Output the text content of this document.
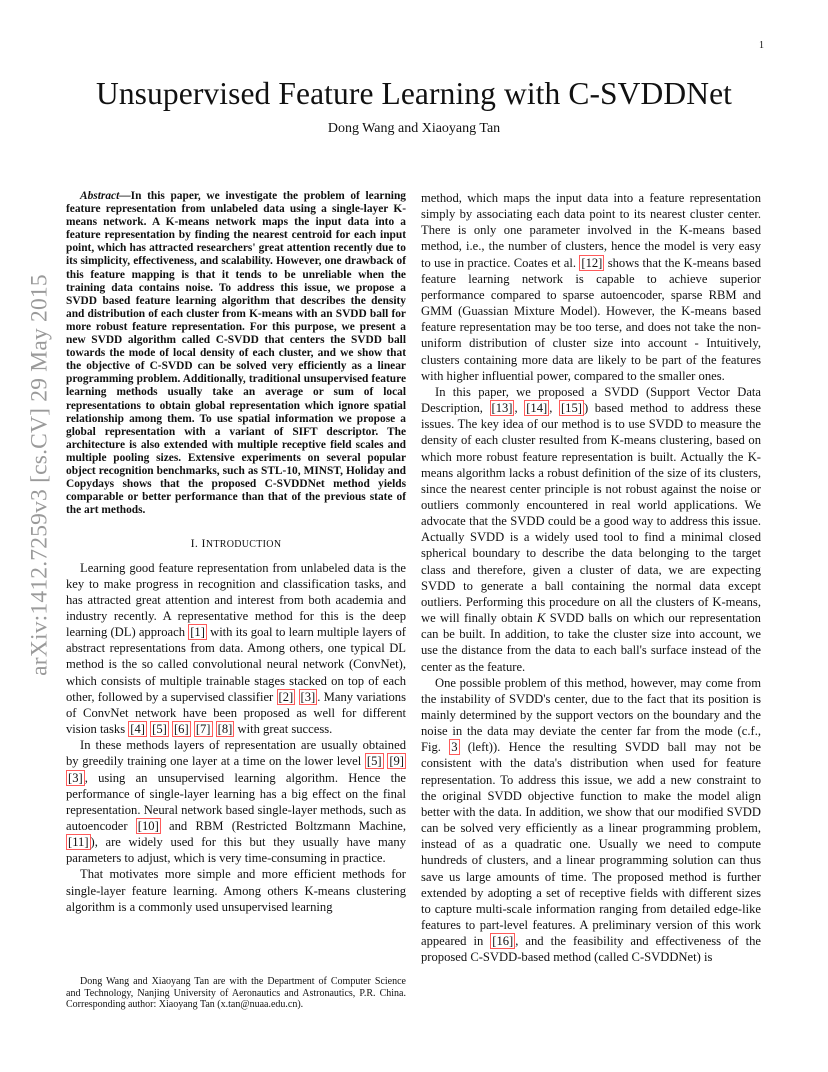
1
arXiv:1412.7259v3 [cs.CV] 29 May 2015
Unsupervised Feature Learning with C-SVDDNet
Dong Wang and Xiaoyang Tan

Abstract—In this paper, we investigate the problem of learning feature representation from unlabeled data using a single-layer K-means network. A K-means network maps the input data into a feature representation by finding the nearest centroid for each input point, which has attracted researchers' great attention recently due to its simplicity, effectiveness, and scalability. However, one drawback of this feature mapping is that it tends to be unreliable when the training data contains noise. To address this issue, we propose a SVDD based feature learning algorithm that describes the density and distribution of each cluster from K-means with an SVDD ball for more robust feature representation. For this purpose, we present a new SVDD algorithm called C-SVDD that centers the SVDD ball towards the mode of local density of each cluster, and we show that the objective of C-SVDD can be solved very efficiently as a linear programming problem. Additionally, traditional unsupervised feature learning methods usually take an average or sum of local representations to obtain global representation which ignore spatial relationship among them. To use spatial information we propose a global representation with a variant of SIFT descriptor. The architecture is also extended with multiple receptive field scales and multiple pooling sizes. Extensive experiments on several popular object recognition benchmarks, such as STL-10, MINST, Holiday and Copydays shows that the proposed C-SVDDNet method yields comparable or better performance than that of the previous state of the art methods.

I. INTRODUCTION

Learning good feature representation from unlabeled data is the key to make progress in recognition and classification tasks, and has attracted great attention and interest from both academia and industry recently. A representative method for this is the deep learning (DL) approach [1] with its goal to learn multiple layers of abstract representations from data. Among others, one typical DL method is the so called convolutional neural network (ConvNet), which consists of multiple trainable stages stacked on top of each other, followed by a supervised classifier [2] [3] . Many variations of ConvNet network have been proposed as well for different vision tasks [4] [5] [6] [7] [8] with great success.

In these methods layers of representation are usually obtained by greedily training one layer at a time on the lower level [5] [9] [3] , using an unsupervised learning algorithm. Hence the performance of single-layer learning has a big effect on the final representation. Neural network based single-layer methods, such as autoencoder [10] and RBM (Restricted Boltzmann Machine, [11] ), are widely used for this but they usually have many parameters to adjust, which is very time-consuming in practice.

That motivates more simple and more efficient methods for single-layer feature learning. Among others K-means clustering algorithm is a commonly used unsupervised learning

Dong Wang and Xiaoyang Tan are with the Department of Computer Science and Technology, Nanjing University of Aeronautics and Astronautics, P.R. China. Corresponding author: Xiaoyang Tan (x.tan@nuaa.edu.cn).

method, which maps the input data into a feature representation simply by associating each data point to its nearest cluster center. There is only one parameter involved in the K-means based method, i.e., the number of clusters, hence the model is very easy to use in practice. Coates et al. [12] shows that the K-means based feature learning network is capable to achieve superior performance compared to sparse autoencoder, sparse RBM and GMM (Guassian Mixture Model). However, the K-means based feature representation may be too terse, and does not take the non-uniform distribution of cluster size into account - Intuitively, clusters containing more data are likely to be part of the features with higher influential power, compared to the smaller ones.

In this paper, we proposed a SVDD (Support Vector Data Description, [13] , [14] , [15] ) based method to address these issues. The key idea of our method is to use SVDD to measure the density of each cluster resulted from K-means clustering, based on which more robust feature representation is built. Actually the K-means algorithm lacks a robust definition of the size of its clusters, since the nearest center principle is not robust against the noise or outliers commonly encountered in real world applications. We advocate that the SVDD could be a good way to address this issue. Actually SVDD is a widely used tool to find a minimal closed spherical boundary to describe the data belonging to the target class and therefore, given a cluster of data, we are expecting SVDD to generate a ball containing the normal data except outliers. Performing this procedure on all the clusters of K-means, we will finally obtain K SVDD balls on which our representation can be built. In addition, to take the cluster size into account, we use the distance from the data to each ball's surface instead of the center as the feature.

One possible problem of this method, however, may come from the instability of SVDD's center, due to the fact that its position is mainly determined by the support vectors on the boundary and the noise in the data may deviate the center far from the mode (c.f., Fig. 3 (left)). Hence the resulting SVDD ball may not be consistent with the data's distribution when used for feature representation. To address this issue, we add a new constraint to the original SVDD objective function to make the model align better with the data. In addition, we show that our modified SVDD can be solved very efficiently as a linear programming problem, instead of as a quadratic one. Usually we need to compute hundreds of clusters, and a linear programming solution can thus save us large amounts of time. The proposed method is further extended by adopting a set of receptive fields with different sizes to capture multi-scale information ranging from detailed edge-like features to part-level features. A preliminary version of this work appeared in [16] , and the feasibility and effectiveness of the proposed C-SVDD-based method (called C-SVDDNet) is
